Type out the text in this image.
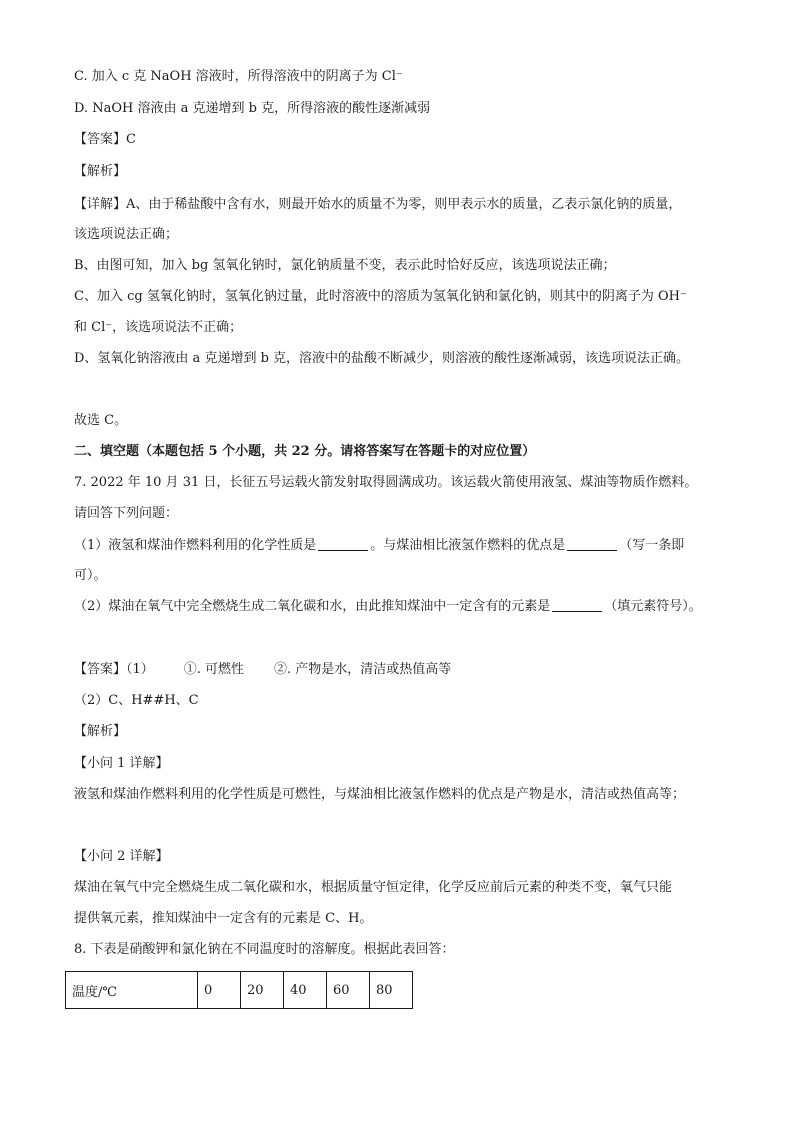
C. 加入 c 克 NaOH 溶液时，所得溶液中的阴离子为 Cl⁻
D. NaOH 溶液由 a 克递增到 b 克，所得溶液的酸性逐渐减弱
【答案】C
【解析】
【详解】A、由于稀盐酸中含有水，则最开始水的质量不为零，则甲表示水的质量，乙表示氯化钠的质量，
该选项说法正确；
B、由图可知，加入 bg 氢氧化钠时，氯化钠质量不变，表示此时恰好反应，该选项说法正确；
C、加入 cg 氢氧化钠时，氢氧化钠过量，此时溶液中的溶质为氢氧化钠和氯化钠，则其中的阴离子为 OH⁻
和 Cl⁻，该选项说法不正确；
D、氢氧化钠溶液由 a 克递增到 b 克，溶液中的盐酸不断减少，则溶液的酸性逐渐减弱，该选项说法正确。
故选 C。
二、填空题（本题包括 5 个小题，共 22 分。请将答案写在答题卡的对应位置）
7. 2022 年 10 月 31 日，长征五号运载火箭发射取得圆满成功。该运载火箭使用液氢、煤油等物质作燃料。
请回答下列问题：
（1）液氢和煤油作燃料利用的化学性质是	。与煤油相比液氢作燃料的优点是	（写一条即
可）。
（2）煤油在氧气中完全燃烧生成二氧化碳和水，由此推知煤油中一定含有的元素是	（填元素符号）。
【答案】（1） ①. 可燃性 ②. 产物是水，清洁或热值高等
（2）C、H##H、C
【解析】
【小问 1 详解】
液氢和煤油作燃料利用的化学性质是可燃性，与煤油相比液氢作燃料的优点是产物是水，清洁或热值高等；
【小问 2 详解】
煤油在氧气中完全燃烧生成二氧化碳和水，根据质量守恒定律，化学反应前后元素的种类不变，氧气只能
提供氧元素，推知煤油中一定含有的元素是 C、H。
8. 下表是硝酸钾和氯化钠在不同温度时的溶解度。根据此表回答：
温度/℃	0	20	40	60	80
